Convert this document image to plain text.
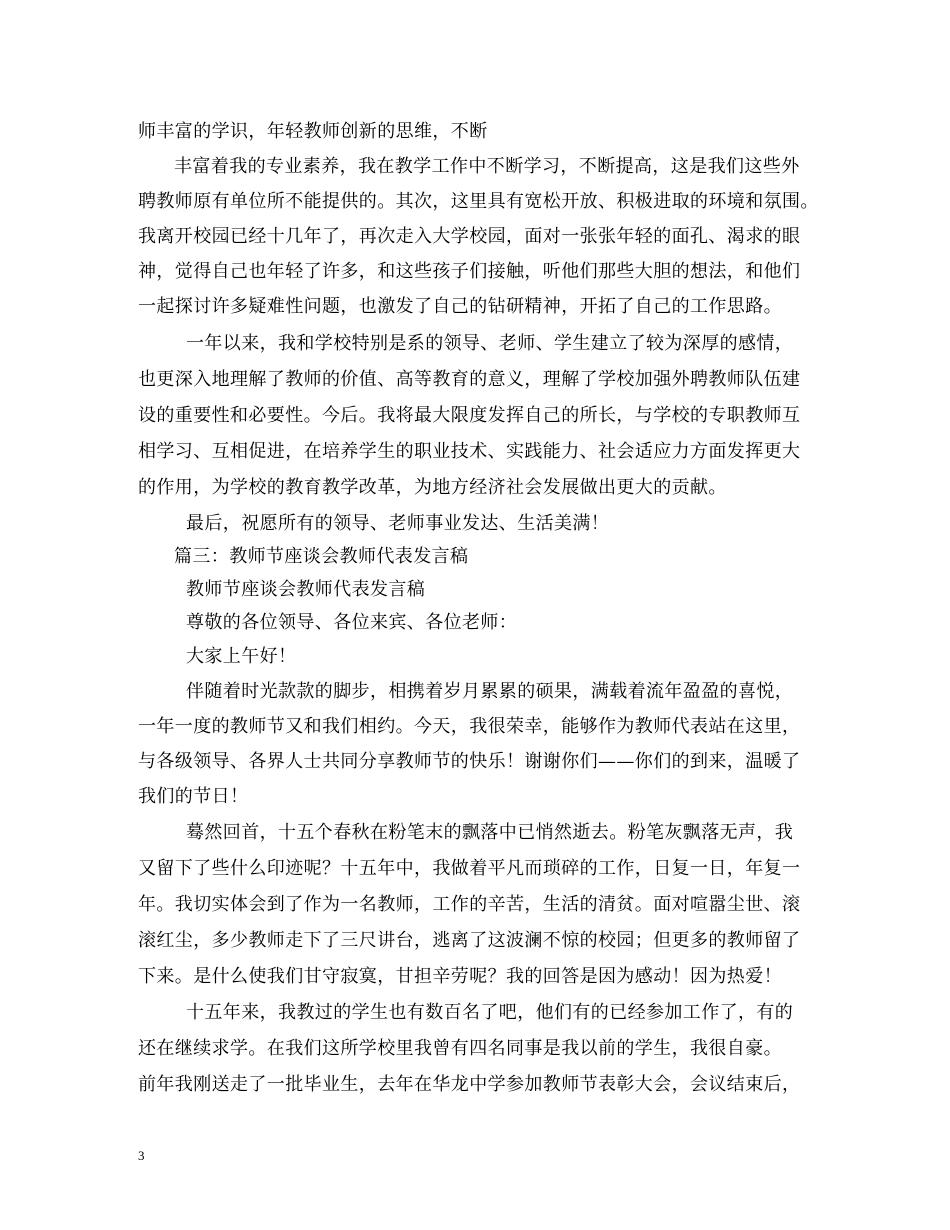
师丰富的学识，年轻教师创新的思维，不断
丰富着我的专业素养，我在教学工作中不断学习，不断提高，这是我们这些外
聘教师原有单位所不能提供的。其次，这里具有宽松开放、积极进取的环境和氛围。
我离开校园已经十几年了，再次走入大学校园，面对一张张年轻的面孔、渴求的眼
神，觉得自己也年轻了许多，和这些孩子们接触，听他们那些大胆的想法，和他们
一起探讨许多疑难性问题，也激发了自己的钻研精神，开拓了自己的工作思路。
一年以来，我和学校特别是系的领导、老师、学生建立了较为深厚的感情，
也更深入地理解了教师的价值、高等教育的意义，理解了学校加强外聘教师队伍建
设的重要性和必要性。今后。我将最大限度发挥自己的所长，与学校的专职教师互
相学习、互相促进，在培养学生的职业技术、实践能力、社会适应力方面发挥更大
的作用，为学校的教育教学改革，为地方经济社会发展做出更大的贡献。
最后，祝愿所有的领导、老师事业发达、生活美满！
篇三：教师节座谈会教师代表发言稿
教师节座谈会教师代表发言稿
尊敬的各位领导、各位来宾、各位老师：
大家上午好！
伴随着时光款款的脚步，相携着岁月累累的硕果，满载着流年盈盈的喜悦，
一年一度的教师节又和我们相约。今天，我很荣幸，能够作为教师代表站在这里，
与各级领导、各界人士共同分享教师节的快乐！谢谢你们——你们的到来，温暖了
我们的节日！
蓦然回首，十五个春秋在粉笔末的飘落中已悄然逝去。粉笔灰飘落无声，我
又留下了些什么印迹呢？十五年中，我做着平凡而琐碎的工作，日复一日，年复一
年。我切实体会到了作为一名教师，工作的辛苦，生活的清贫。面对喧嚣尘世、滚
滚红尘，多少教师走下了三尺讲台，逃离了这波澜不惊的校园；但更多的教师留了
下来。是什么使我们甘守寂寞，甘担辛劳呢？我的回答是因为感动！因为热爱！
十五年来，我教过的学生也有数百名了吧，他们有的已经参加工作了，有的
还在继续求学。在我们这所学校里我曾有四名同事是我以前的学生，我很自豪。
前年我刚送走了一批毕业生，去年在华龙中学参加教师节表彰大会，会议结束后，
3
